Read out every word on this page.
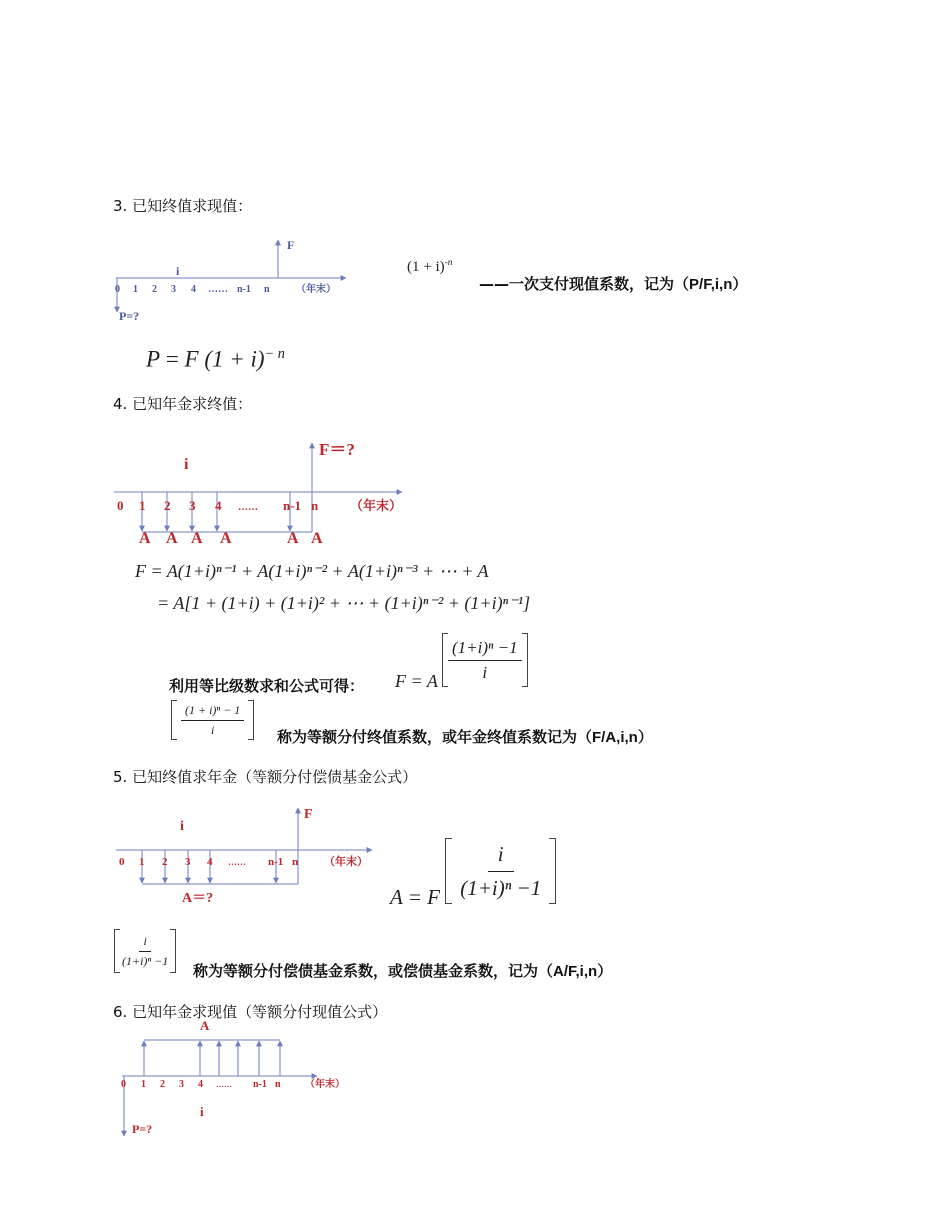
3. 已知终值求现值：
F
i
0 1 2 3 4 …… n-1 n	（年末）
P=?
$(1 + i)^{-n}$
——一次支付现值系数，记为（P/F,i,n）
P = F $(1 + i)^{- n}$
4. 已知年金求终值：
F＝?
i
0 1 2 3 4 …… n-1 n （年末）
A A A A	A A
F = A(1+i)ⁿ⁻¹ + A(1+i)ⁿ⁻² + A(1+i)ⁿ⁻³ + ⋯ + A
= A[1 + (1+i) + (1+i)² + ⋯ + (1+i)ⁿ⁻² + (1+i)ⁿ⁻¹]
F = A $\frac{\text{(1+i)ⁿ −1}}{i}$
利用等比级数求和公式可得：
$\frac{\text{(1 + i)ⁿ − 1}}{i}$ 称为等额分付终值系数，或年金终值系数记为（F/A,i,n）
5. 已知终值求年金（等额分付偿债基金公式）
F
i
0 1 2 3 4 …… n-1 n （年末）
A＝?	A = F $\frac{i}{\text{(1+i)ⁿ −1}}$
$\frac{i}{\text{(1+i)ⁿ −1}}$
称为等额分付偿债基金系数，或偿债基金系数，记为（A/F,i,n）
6. 已知年金求现值（等额分付现值公式）
A
0 1 2 3 4 …… n-1 n （年末）
i
P=?
